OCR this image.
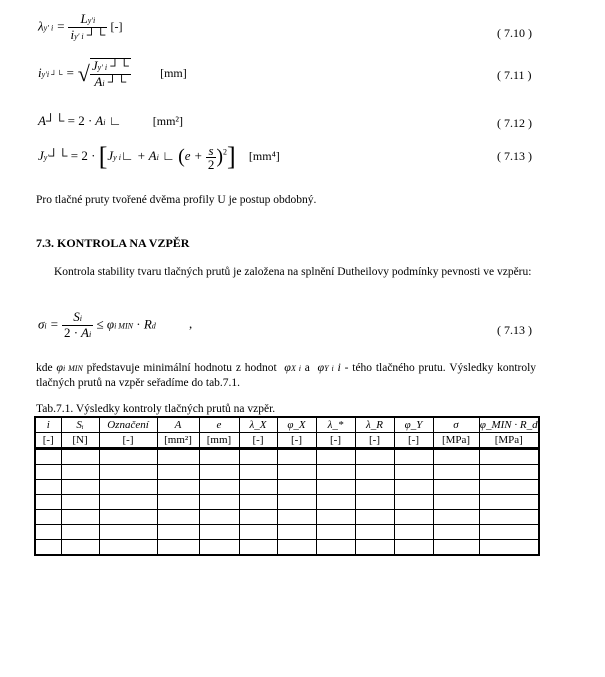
λy′ $i = \frac{Ly'i}{iy' i ┘└}$ [-]	( 7.10 )
iy′i ┘└ = √ $\frac{Jy' i ┘└}{Ai ┘└} [mm]$	( 7.11 )
A┘└ = 2 · Ai ∟ [mm²]	( 7.12 )
Jy′┘└ = 2 · [Jy i∟ + Ai ∟ $(e + \frac{s}{2} )^2$] [mm⁴]	( 7.13 )
Pro tlačné pruty tvořené dvěma profily U je postup obdobný.
7.3. KONTROLA NA VZPĚR
Kontrola stability tvaru tlačných prutů je založena na splnění Dutheilovy podmínky pevnosti ve vzpěru:
$\sigma i = \frac{Si}{2 \cdot Ai} \le \varphi i$ MIN · Rd	,	( 7.13 )
kde φi MIN představuje minimální hodnotu z hodnot  φX i a  φY i i - tého tlačného prutu. Výsledky kontroly tlačných prutů na vzpěr seřadíme do tab.7.1.
Tab.7.1. Výsledky kontroly tlačných prutů na vzpěr.
i	Sᵢ	Označení	A	e	λ_X	φ_X	λ_*	λ_R	φ_Y	σ	φ_MIN · R_d
[-]	[N]	[-]	[mm²]	[mm]	[-]	[-]	[-]	[-]	[-]	[MPa]	[MPa]
